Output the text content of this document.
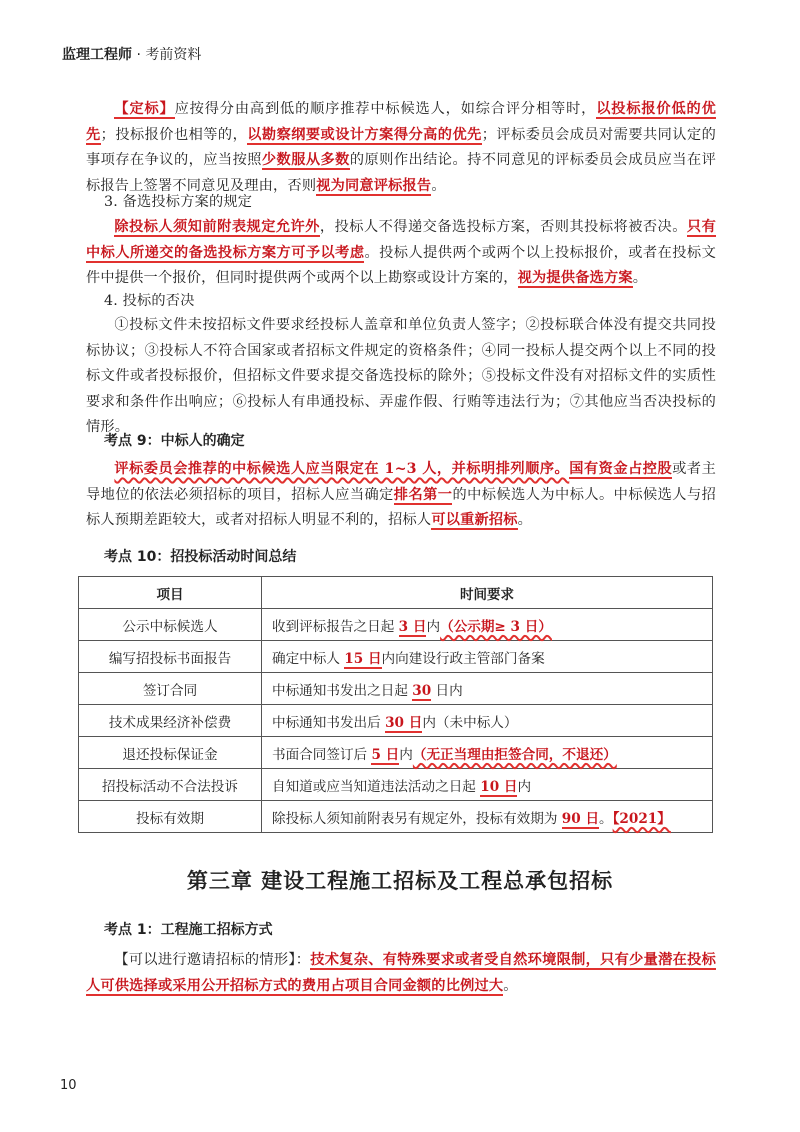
监理工程师 · 考前资料

【定标】应按得分由高到低的顺序推荐中标候选人，如综合评分相等时，以投标报价低的优先；投标报价也相等的，以勘察纲要或设计方案得分高的优先；评标委员会成员对需要共同认定的事项存在争议的，应当按照少数服从多数的原则作出结论。持不同意见的评标委员会成员应当在评标报告上签署不同意见及理由，否则视为同意评标报告。

3. 备选投标方案的规定

除投标人须知前附表规定允许外，投标人不得递交备选投标方案，否则其投标将被否决。只有中标人所递交的备选投标方案方可予以考虑。投标人提供两个或两个以上投标报价，或者在投标文件中提供一个报价，但同时提供两个或两个以上勘察或设计方案的，视为提供备选方案。

4. 投标的否决

①投标文件未按招标文件要求经投标人盖章和单位负责人签字；②投标联合体没有提交共同投标协议；③投标人不符合国家或者招标文件规定的资格条件；④同一投标人提交两个以上不同的投标文件或者投标报价，但招标文件要求提交备选投标的除外；⑤投标文件没有对招标文件的实质性要求和条件作出响应；⑥投标人有串通投标、弄虚作假、行贿等违法行为；⑦其他应当否决投标的情形。

考点 9：中标人的确定

评标委员会推荐的中标候选人应当限定在 1~3 人，并标明排列顺序。国有资金占控股或者主导地位的依法必须招标的项目，招标人应当确定排名第一的中标候选人为中标人。中标候选人与招标人预期差距较大，或者对招标人明显不利的，招标人可以重新招标。

考点 10：招投标活动时间总结
项目	时间要求
公示中标候选人	收到评标报告之日起 3 日内（公示期≥ 3 日）
编写招投标书面报告	确定中标人 15 日内向建设行政主管部门备案
签订合同	中标通知书发出之日起 30 日内
技术成果经济补偿费	中标通知书发出后 30 日内（未中标人）
退还投标保证金	书面合同签订后 5 日内（无正当理由拒签合同，不退还）
招投标活动不合法投诉	自知道或应当知道违法活动之日起 10 日内
投标有效期	除投标人须知前附表另有规定外，投标有效期为 90 日。【2021】
第三章 建设工程施工招标及工程总承包招标
考点 1：工程施工招标方式

【可以进行邀请招标的情形】：技术复杂、有特殊要求或者受自然环境限制，只有少量潜在投标人可供选择或采用公开招标方式的费用占项目合同金额的比例过大。

10
